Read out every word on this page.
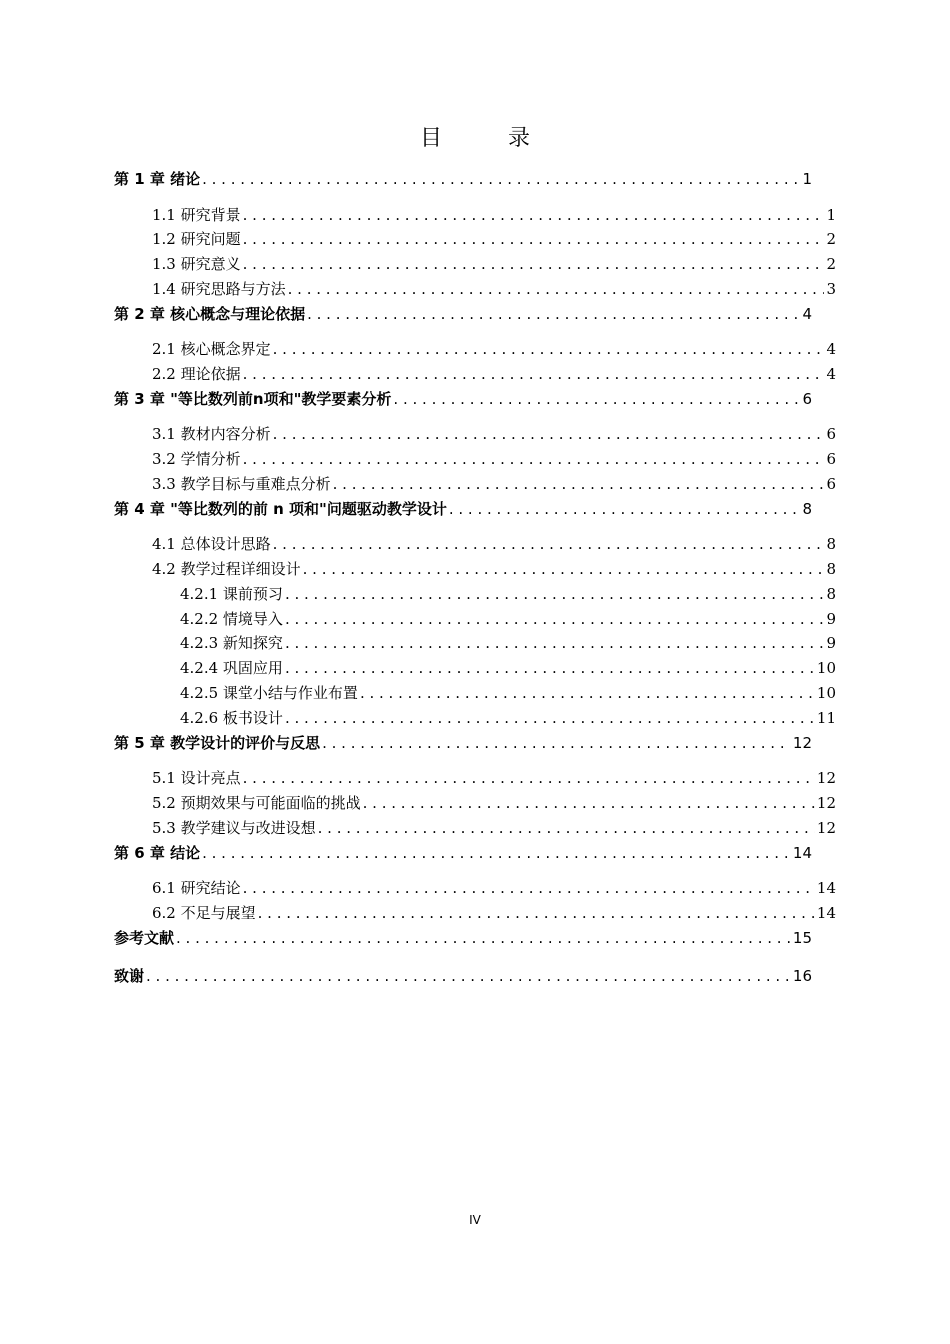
目　录
第 1 章 绪论 . . .	1
1.1 研究背景 . . .	1
1.2 研究问题 . . .	2
1.3 研究意义 . . .	2
1.4 研究思路与方法 . . .	3
第 2 章 核心概念与理论依据 . . .	4
2.1 核心概念界定 . . .	4
2.2 理论依据 . . .	4
第 3 章 "等比数列前n项和"教学要素分析 . . .	6
3.1 教材内容分析 . . .	6
3.2 学情分析 . . .	6
3.3 教学目标与重难点分析 . . .	6
第 4 章 "等比数列的前 n 项和"问题驱动教学设计 . . .	8
4.1 总体设计思路 . . .	8
4.2 教学过程详细设计 . . .	8
4.2.1 课前预习 . . .	8
4.2.2 情境导入 . . .	9
4.2.3 新知探究 . . .	9
4.2.4 巩固应用 . . .	10
4.2.5 课堂小结与作业布置 . . .	10
4.2.6 板书设计 . . .	11
第 5 章 教学设计的评价与反思 . . .	12
5.1 设计亮点 . . .	12
5.2 预期效果与可能面临的挑战 . . .	12
5.3 教学建议与改进设想 . . .	12
第 6 章 结论 . . .	14
6.1 研究结论 . . .	14
6.2 不足与展望 . . .	14
参考文献 . . .	15
致谢 . . .	16
IV
